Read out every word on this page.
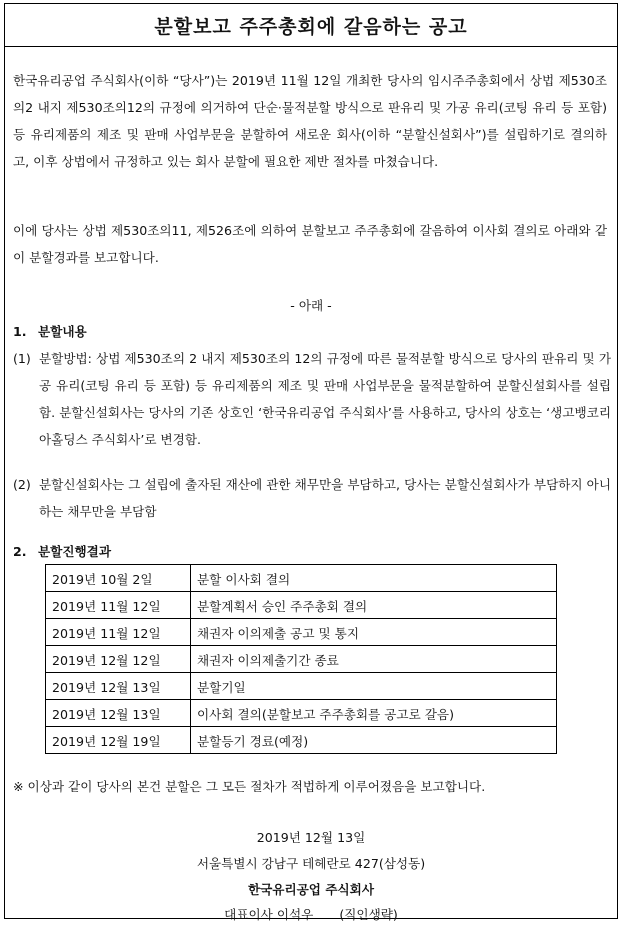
분할보고 주주총회에 갈음하는 공고

한국유리공업 주식회사(이하 “당사”)는 2019년 11월 12일 개최한 당사의 임시주주총회에서 상법 제530조의2 내지 제530조의12의 규정에 의거하여 단순·물적분할 방식으로 판유리 및 가공 유리(코팅 유리 등 포함) 등 유리제품의 제조 및 판매 사업부문을 분할하여 새로운 회사(이하 “분할신설회사”)를 설립하기로 결의하고, 이후 상법에서 규정하고 있는 회사 분할에 필요한 제반 절차를 마쳤습니다.

이에 당사는 상법 제530조의11, 제526조에 의하여 분할보고 주주총회에 갈음하여 이사회 결의로 아래와 같이 분할경과를 보고합니다.

- 아래 -
1. 분할내용
(1) 분할방법: 상법 제530조의 2 내지 제530조의 12의 규정에 따른 물적분할 방식으로 당사의 판유리 및 가공 유리(코팅 유리 등 포함) 등 유리제품의 제조 및 판매 사업부문을 물적분할하여 분할신설회사를 설립함. 분할신설회사는 당사의 기존 상호인 ‘한국유리공업 주식회사’를 사용하고, 당사의 상호는 ‘생고뱅코리아홀딩스 주식회사’로 변경함.
(2) 분할신설회사는 그 설립에 출자된 재산에 관한 채무만을 부담하고, 당사는 분할신설회사가 부담하지 아니하는 채무만을 부담함
2. 분할진행결과
2019년 10월 2일	분할 이사회 결의
2019년 11월 12일	분할계획서 승인 주주총회 결의
2019년 11월 12일	채권자 이의제출 공고 및 통지
2019년 12월 12일	채권자 이의제출기간 종료
2019년 12월 13일	분할기일
2019년 12월 13일	이사회 결의(분할보고 주주총회를 공고로 갈음)
2019년 12월 19일	분할등기 경료(예정)
※ 이상과 같이 당사의 본건 분할은 그 모든 절차가 적법하게 이루어졌음을 보고합니다.
2019년 12월 13일
서울특별시 강남구 테헤란로 427(삼성동)
한국유리공업 주식회사
대표이사 이석우 (직인생략)
